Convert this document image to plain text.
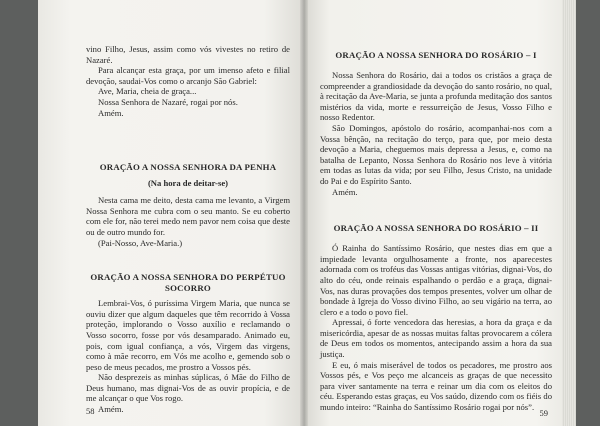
vino Filho, Jesus, assim como vós vivestes no retiro de Nazaré.

Para alcançar esta graça, por um imenso afeto e filial devoção, saudai-Vos como o arcanjo São Gabriel:

Ave, Maria, cheia de graça...
Nossa Senhora de Nazaré, rogai por nós.
Amém.
ORAÇÃO A NOSSA SENHORA DA PENHA
(Na hora de deitar-se)

Nesta cama me deito, desta cama me levanto, a Virgem Nossa Senhora me cubra com o seu manto. Se eu coberto com ele for, não terei medo nem pavor nem coisa que deste ou de outro mundo for.

(Pai-Nosso, Ave-Maria.)
ORAÇÃO A NOSSA SENHORA DO PERPÉTUO
SOCORRO

Lembrai-Vos, ó puríssima Virgem Maria, que nunca se ouviu dizer que algum daqueles que têm recorrido à Vossa proteção, implorando o Vosso auxílio e reclamando o Vosso socorro, fosse por vós desamparado. Animado eu, pois, com igual confiança, a vós, Virgem das virgens, como à mãe recorro, em Vós me acolho e, gemendo sob o peso de meus pecados, me prostro a Vossos pés.

Não desprezeis as minhas súplicas, ó Mãe do Filho de Deus humano, mas dignai-Vos de as ouvir propícia, e de me alcançar o que Vos rogo.

Amém.
58
ORAÇÃO A NOSSA SENHORA DO ROSÁRIO – I

Nossa Senhora do Rosário, dai a todos os cristãos a graça de compreender a grandiosidade da devoção do santo rosário, no qual, à recitação da Ave-Maria, se junta a profunda meditação dos santos mistérios da vida, morte e ressurreição de Jesus, Vosso Filho e nosso Redentor.

São Domingos, apóstolo do rosário, acompanhai-nos com a Vossa bênção, na recitação do terço, para que, por meio desta devoção a Maria, cheguemos mais depressa a Jesus, e, como na batalha de Lepanto, Nossa Senhora do Rosário nos leve à vitória em todas as lutas da vida; por seu Filho, Jesus Cristo, na unidade do Pai e do Espírito Santo.

Amém.
ORAÇÃO A NOSSA SENHORA DO ROSÁRIO – II

Ó Rainha do Santíssimo Rosário, que nestes dias em que a impiedade levanta orgulhosamente a fronte, nos aparecestes adornada com os troféus das Vossas antigas vitórias, dignai-Vos, do alto do céu, onde reinais espalhando o perdão e a graça, dignai-Vos, nas duras provações dos tempos presentes, volver um olhar de bondade à Igreja do Vosso divino Filho, ao seu vigário na terra, ao clero e a todo o povo fiel.

Apressai, ó forte vencedora das heresias, a hora da graça e da misericórdia, apesar de as nossas muitas faltas provocarem a cólera de Deus em todos os momentos, antecipando assim a hora da sua justiça.

E eu, ó mais miserável de todos os pecadores, me prostro aos Vossos pés, e Vos peço me alcanceis as graças de que necessito para viver santamente na terra e reinar um dia com os eleitos do céu. Esperando estas graças, eu Vos saúdo, dizendo com os fiéis do mundo inteiro: “Rainha do Santíssimo Rosário rogai por nós”.

59
